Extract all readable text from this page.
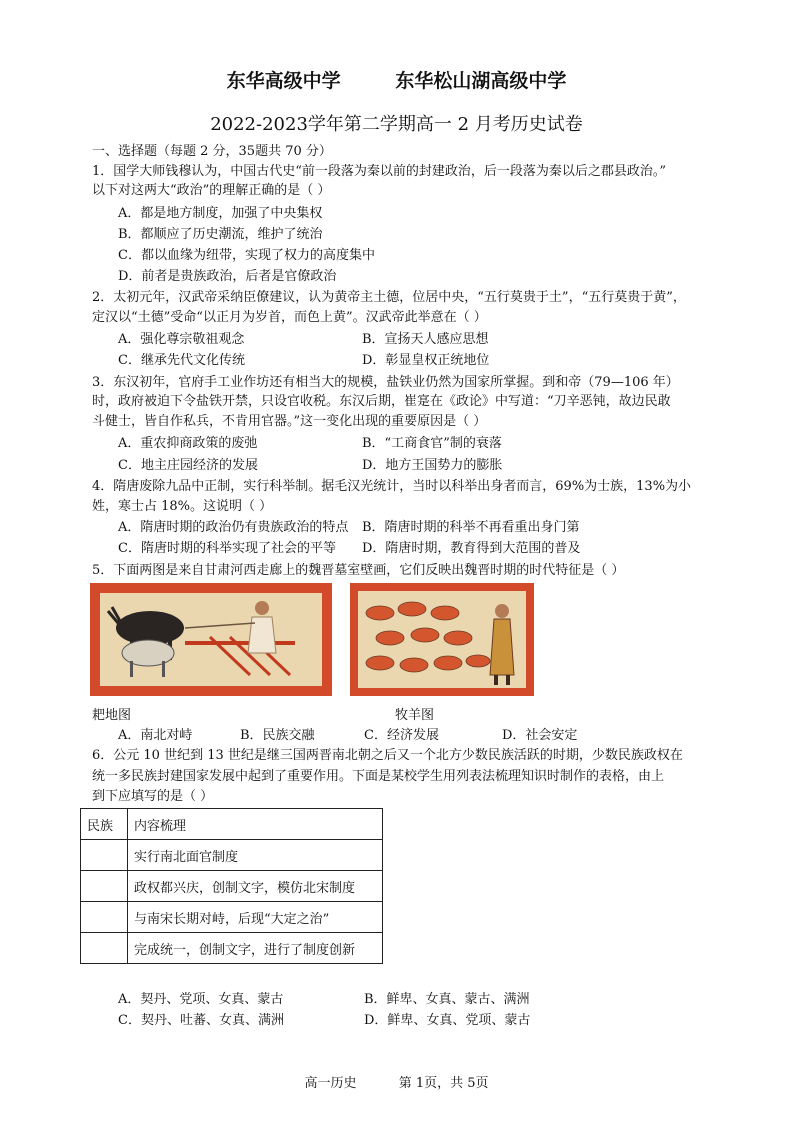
东华高级中学	东华松山湖高级中学
2022-2023学年第二学期高一 2 月考历史试卷
一、选择题（每题 2 分，35题共 70 分）
1．国学大师钱穆认为，中国古代史“前一段落为秦以前的封建政治，后一段落为秦以后之郡县政治。”
以下对这两大“政治”的理解正确的是（ ）
A．都是地方制度，加强了中央集权
B．都顺应了历史潮流，维护了统治
C．都以血缘为纽带，实现了权力的高度集中
D．前者是贵族政治，后者是官僚政治
2．太初元年，汉武帝采纳臣僚建议，认为黄帝主土德，位居中央，“五行莫贵于土”，“五行莫贵于黄”，
定汉以“土德”受命“以正月为岁首，而色上黄”。汉武帝此举意在（ ）
A．强化尊宗敬祖观念	B．宣扬天人感应思想
C．继承先代文化传统	D．彰显皇权正统地位
3．东汉初年，官府手工业作坊还有相当大的规模，盐铁业仍然为国家所掌握。到和帝（79—106 年）
时，政府被迫下令盐铁开禁，只设官收税。东汉后期，崔寔在《政论》中写道：“刀辛恶钝，故边民敢
斗健士，皆自作私兵，不肯用官器。”这一变化出现的重要原因是（ ）
A．重农抑商政策的废弛	B．“工商食官”制的衰落
C．地主庄园经济的发展	D．地方王国势力的膨胀
4．隋唐废除九品中正制，实行科举制。据毛汉光统计，当时以科举出身者而言，69%为士族，13%为小
姓，寒士占 18%。这说明（ ）
A．隋唐时期的政治仍有贵族政治的特点 B．隋唐时期的科举不再看重出身门第
C．隋唐时期的科举实现了社会的平等 D．隋唐时期，教育得到大范围的普及
5．下面两图是来自甘肃河西走廊上的魏晋墓室壁画，它们反映出魏晋时期的时代特征是（ ）
耙地图	牧羊图
A．南北对峙	B．民族交融	C．经济发展	D．社会安定
6．公元 10 世纪到 13 世纪是继三国两晋南北朝之后又一个北方少数民族活跃的时期，少数民族政权在
统一多民族封建国家发展中起到了重要作用。下面是某校学生用列表法梳理知识时制作的表格，由上
到下应填写的是（ ）
民族	内容梳理
	实行南北面官制度
	政权都兴庆，创制文字，模仿北宋制度
	与南宋长期对峙，后现“大定之治”
	完成统一，创制文字，进行了制度创新
A．契丹、党项、女真、蒙古	B．鲜卑、女真、蒙古、满洲
C．契丹、吐蕃、女真、满洲	D．鲜卑、女真、党项、蒙古
高一历史	第 1页，共 5页
